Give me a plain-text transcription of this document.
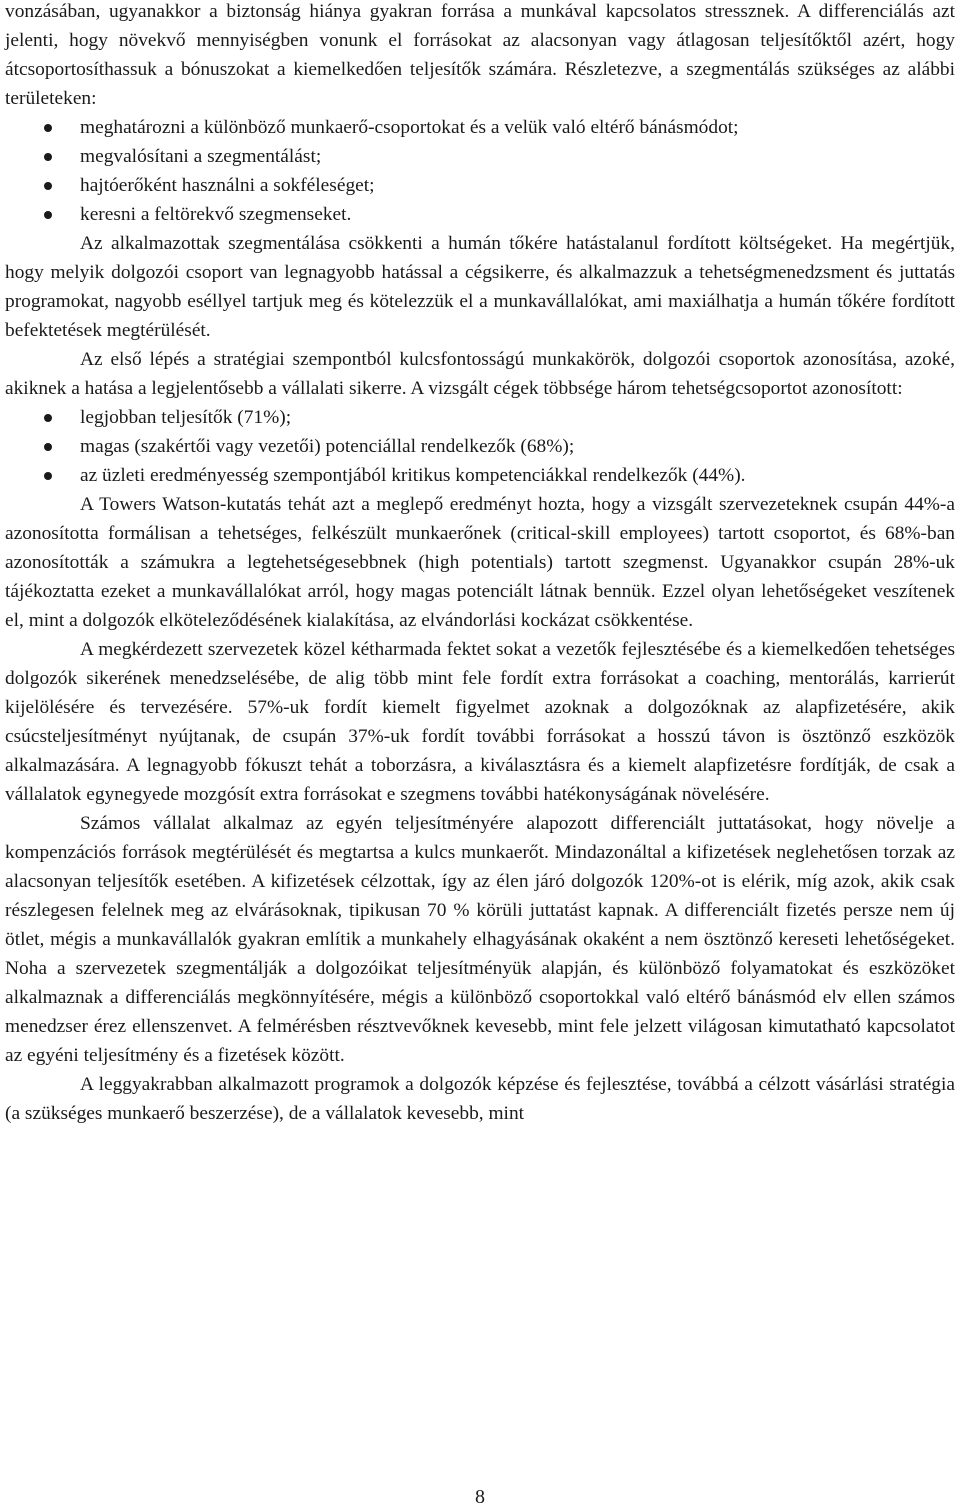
vonzásában, ugyanakkor a biztonság hiánya gyakran forrása a munkával kapcsolatos stressznek. A differenciálás azt jelenti, hogy növekvő mennyiségben vonunk el forrásokat az alacsonyan vagy átlagosan teljesítőktől azért, hogy átcsoportosíthassuk a bónuszokat a kiemelkedően teljesítők számára. Részletezve, a szegmentálás szükséges az alábbi területeken:

meghatározni a különböző munkaerő-csoportokat és a velük való eltérő bánásmódot;
megvalósítani a szegmentálást;
hajtóerőként használni a sokféleséget;
keresni a feltörekvő szegmenseket.

Az alkalmazottak szegmentálása csökkenti a humán tőkére hatástalanul fordított költségeket. Ha megértjük, hogy melyik dolgozói csoport van legnagyobb hatással a cégsikerre, és alkalmazzuk a tehetségmenedzsment és juttatás programokat, nagyobb eséllyel tartjuk meg és kötelezzük el a munkavállalókat, ami maxiálhatja a humán tőkére fordított befektetések megtérülését.

Az első lépés a stratégiai szempontból kulcsfontosságú munkakörök, dolgozói csoportok azonosítása, azoké, akiknek a hatása a legjelentősebb a vállalati sikerre. A vizsgált cégek többsége három tehetségcsoportot azonosított:

legjobban teljesítők (71%);
magas (szakértői vagy vezetői) potenciállal rendelkezők (68%);
az üzleti eredményesség szempontjából kritikus kompetenciákkal rendelkezők (44%).

A Towers Watson-kutatás tehát azt a meglepő eredményt hozta, hogy a vizsgált szervezeteknek csupán 44%-a azonosította formálisan a tehetséges, felkészült munkaerőnek (critical-skill employees) tartott csoportot, és 68%-ban azonosították a számukra a legtehetségesebbnek (high potentials) tartott szegmenst. Ugyanakkor csupán 28%-uk tájékoztatta ezeket a munkavállalókat arról, hogy magas potenciált látnak bennük. Ezzel olyan lehetőségeket veszítenek el, mint a dolgozók elköteleződésének kialakítása, az elvándorlási kockázat csökkentése.

A megkérdezett szervezetek közel kétharmada fektet sokat a vezetők fejlesztésébe és a kiemelkedően tehetséges dolgozók sikerének menedzselésébe, de alig több mint fele fordít extra forrásokat a coaching, mentorálás, karrierút kijelölésére és tervezésére. 57%-uk fordít kiemelt figyelmet azoknak a dolgozóknak az alapfizetésére, akik csúcsteljesítményt nyújtanak, de csupán 37%-uk fordít további forrásokat a hosszú távon is ösztönző eszközök alkalmazására. A legnagyobb fókuszt tehát a toborzásra, a kiválasztásra és a kiemelt alapfizetésre fordítják, de csak a vállalatok egynegyede mozgósít extra forrásokat e szegmens további hatékonyságának növelésére.

Számos vállalat alkalmaz az egyén teljesítményére alapozott differenciált juttatásokat, hogy növelje a kompenzációs források megtérülését és megtartsa a kulcs munkaerőt. Mindazonáltal a kifizetések neglehetősen torzak az alacsonyan teljesítők esetében. A kifizetések célzottak, így az élen járó dolgozók 120%-ot is elérik, míg azok, akik csak részlegesen felelnek meg az elvárásoknak, tipikusan 70 % körüli juttatást kapnak. A differenciált fizetés persze nem új ötlet, mégis a munkavállalók gyakran említik a munkahely elhagyásának okaként a nem ösztönző kereseti lehetőségeket. Noha a szervezetek szegmentálják a dolgozóikat teljesítményük alapján, és különböző folyamatokat és eszközöket alkalmaznak a differenciálás megkönnyítésére, mégis a különböző csoportokkal való eltérő bánásmód elv ellen számos menedzser érez ellenszenvet. A felmérésben résztvevőknek kevesebb, mint fele jelzett világosan kimutatható kapcsolatot az egyéni teljesítmény és a fizetések között.

A leggyakrabban alkalmazott programok a dolgozók képzése és fejlesztése, továbbá a célzott vásárlási stratégia (a szükséges munkaerő beszerzése), de a vállalatok kevesebb, mint

8
